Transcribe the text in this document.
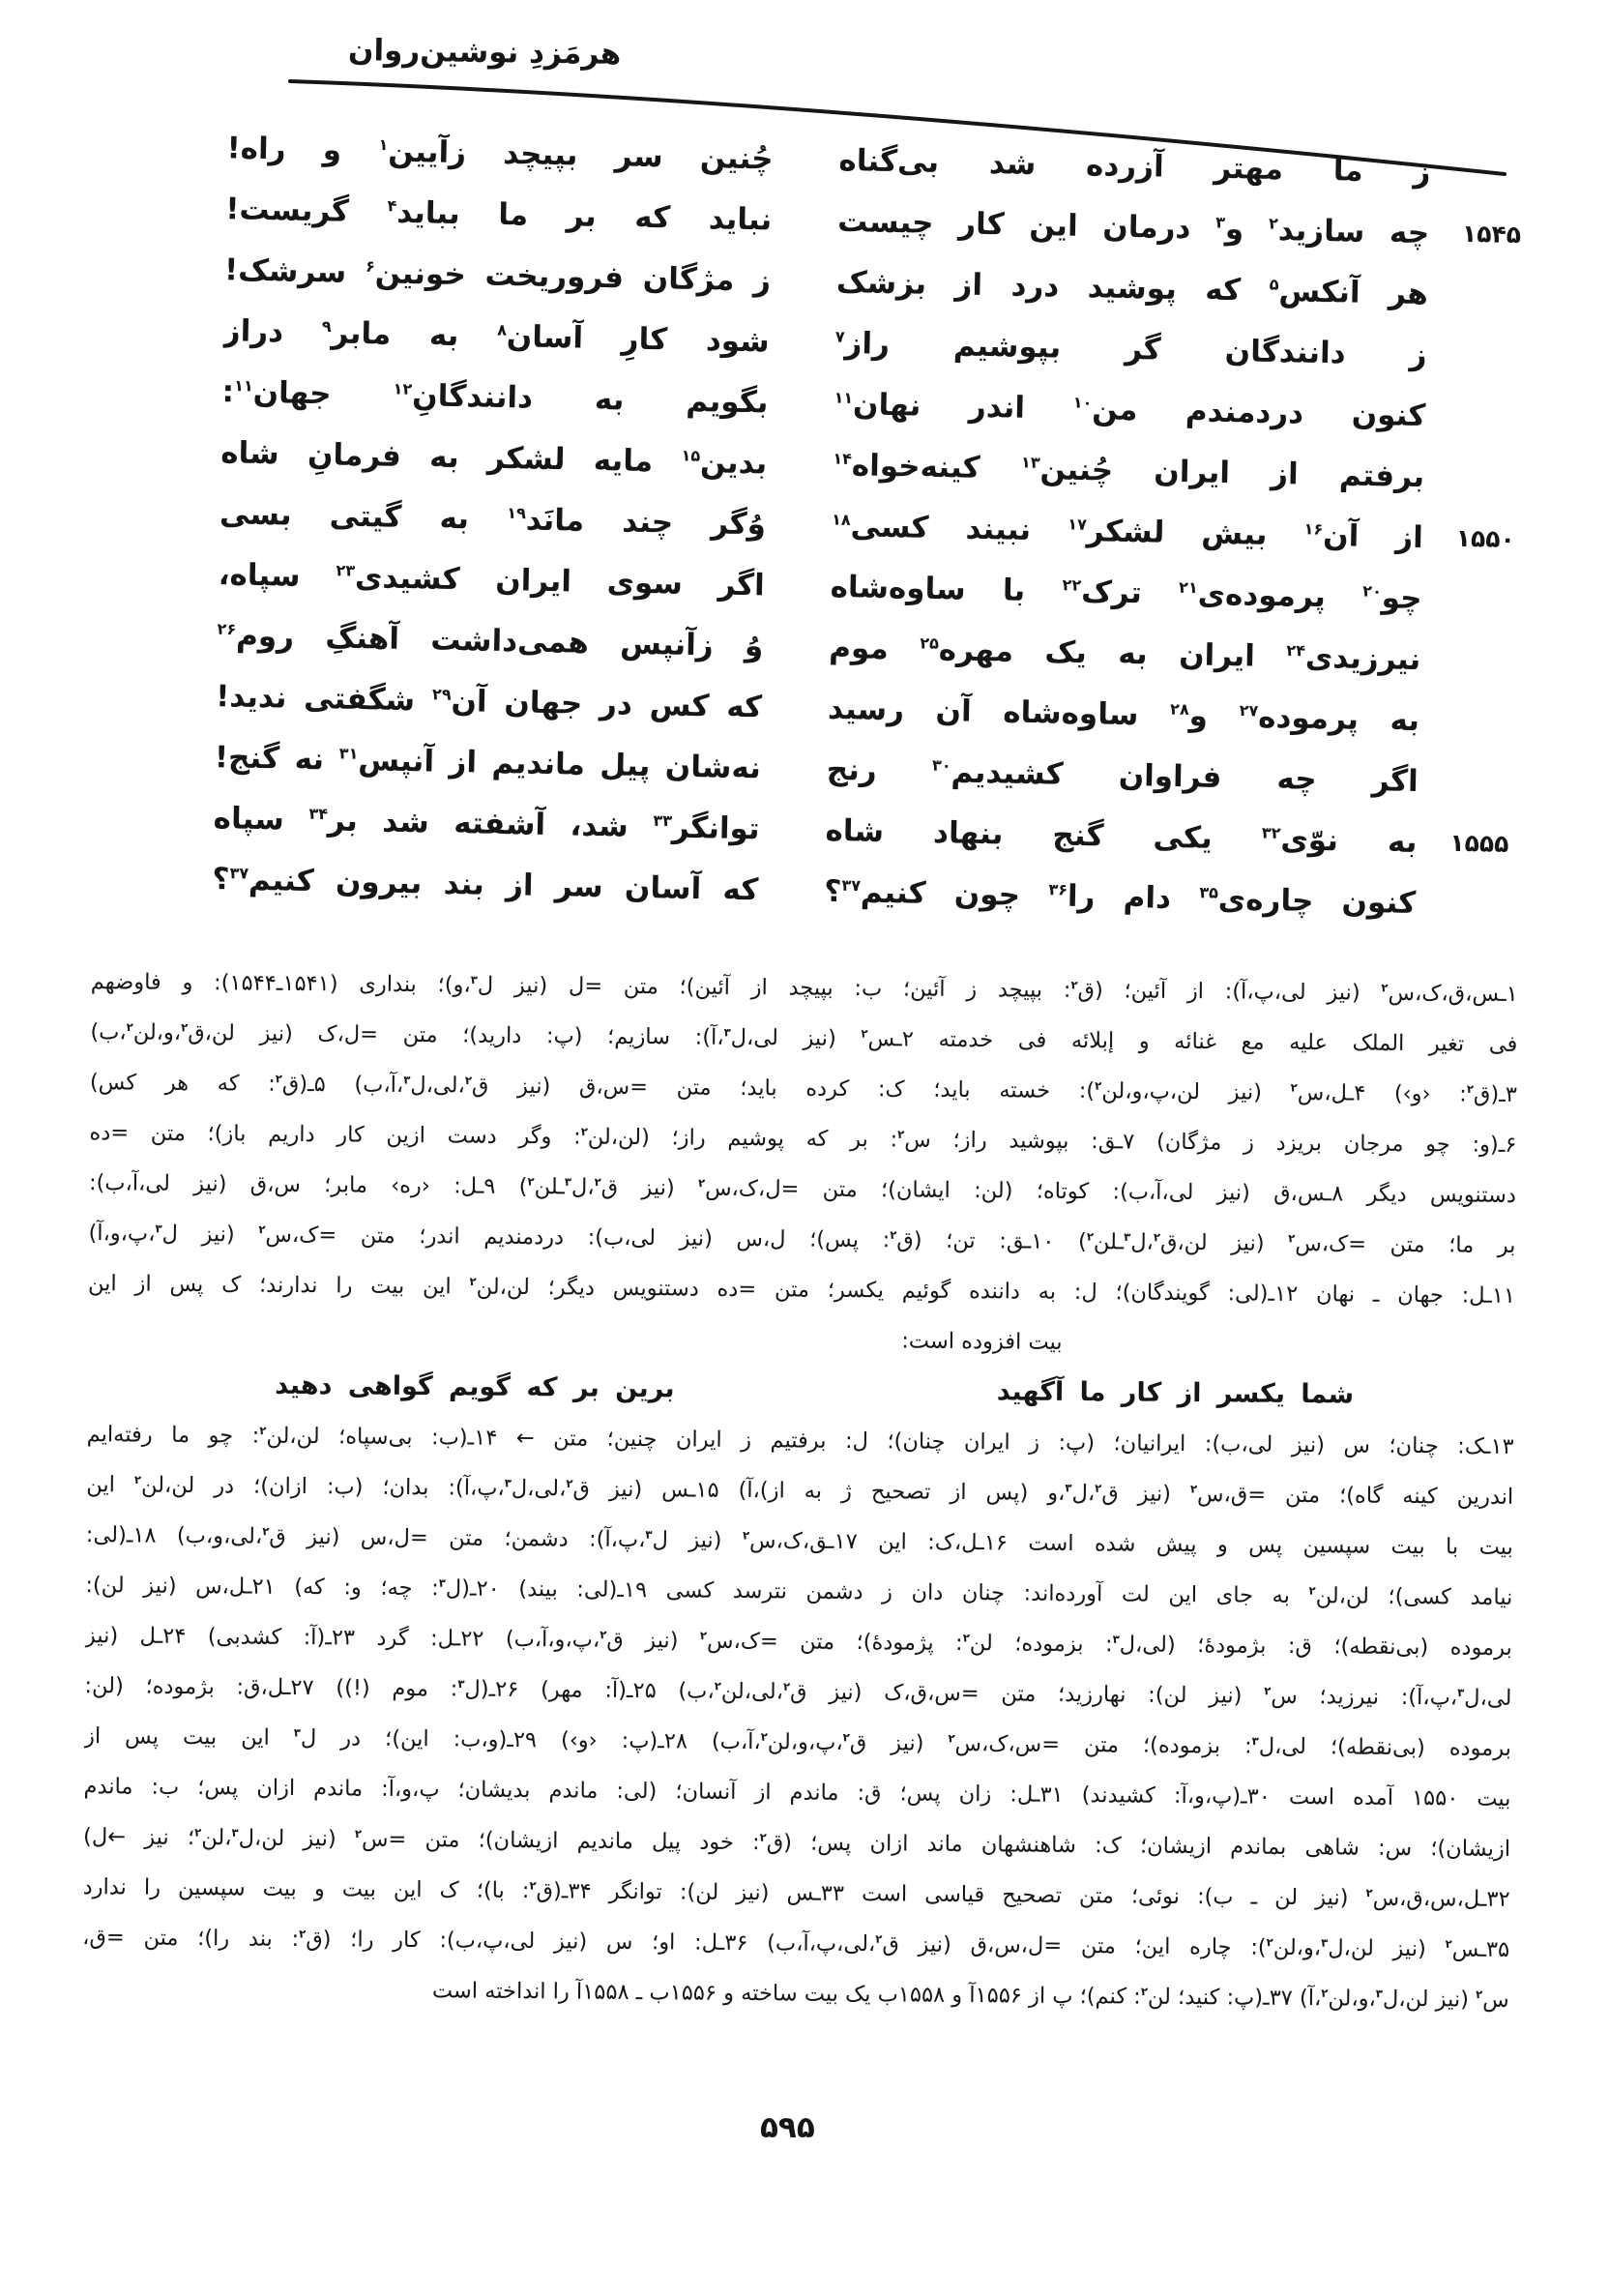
هرمَزدِ نوشین‌روان
ز ما مهتر آزرده شد بی‌گناه
چُنین سر بپیچد زآیین$^۱$ و راه!
۱۵۴۵
چه سازید$^۲$ و$^۳$ درمان این کار چیست
نباید که بر ما بباید$^۴$ گریست!
هر آنکس$^۵$ که پوشید درد از بزشک
ز مژگان فروریخت خونین$^۶$ سرشک!
ز دانندگان گر بپوشیم راز$^۷$
شود کارِ آسان$^۸$ به مابر$^۹$ دراز
کنون دردمندم من$^{۱۰}$ اندر نهان$^{۱۱}$
بگویم به دانندگانِ$^{۱۲}$ جهان$^{۱۱}$:
برفتم از ایران چُنین$^{۱۳}$ کینه‌خواه$^{۱۴}$
بدین$^{۱۵}$ مایه لشکر به فرمانِ شاه
۱۵۵۰
از آن$^{۱۶}$ بیش لشکر$^{۱۷}$ نبیند کسی$^{۱۸}$
وُگر چند مانَد$^{۱۹}$ به گیتی بسی
چو$^{۲۰}$ پرموده‌ی$^{۲۱}$ ترک$^{۲۲}$ با ساوه‌شاه
اگر سوی ایران کشیدی$^{۲۳}$ سپاه،
نیرزیدی$^{۲۴}$ ایران به یک مهره$^{۲۵}$ موم
وُ زآنپس همی‌داشت آهنگِ روم$^{۲۶}$
به پرموده$^{۲۷}$ و$^{۲۸}$ ساوه‌شاه آن رسید
که کس در جهان آن$^{۲۹}$ شگفتی ندید!
اگر چه فراوان کشیدیم$^{۳۰}$ رنج
نه‌شان پیل ماندیم از آنپس$^{۳۱}$ نه گنج!
۱۵۵۵
به نوّی$^{۳۲}$ یکی گنج بنهاد شاه
توانگر$^{۳۳}$ شد، آشفته شد بر$^{۳۴}$ سپاه
کنون چاره‌ی$^{۳۵}$ دام را$^{۳۶}$ چون کنیم$^{۳۷}$؟
که آسان سر از بند بیرون کنیم$^{۳۷}$؟
۱ـس،ق،ک،س$^۲$ (نیز لی،پ،آ): از آئین؛ (ق$^۲$: بپیچد ز آئین؛ ب: بپیچد از آئین)؛ متن =ل (نیز ل$^۳$،و)؛ بنداری (۱۵۴۱ـ۱۵۴۴): و فاوضهم
فی تغیر الملک علیه مع غنائه و إبلائه فی خدمته ۲ـس$^۲$ (نیز لی،ل$^۳$،آ): سازیم؛ (پ: دارید)؛ متن =ل،ک (نیز لن،ق$^۲$،و،لن$^۲$،ب)
۳ـ(ق$^۲$: ‹و›) ۴ـل،س$^۲$ (نیز لن،پ،و،لن$^۲$): خسته باید؛ ک: کرده باید؛ متن =س،ق (نیز ق$^۲$،لی،ل$^۳$،آ،ب) ۵ـ(ق$^۲$: که هر کس)
۶ـ(و: چو مرجان بریزد ز مژگان) ۷ـق: بپوشید راز؛ س$^۲$: بر که پوشیم راز؛ (لن،لن$^۲$: وگر دست ازین کار داریم باز)؛ متن =ده
دستنویس دیگر ۸ـس،ق (نیز لی،آ،ب): کوتاه؛ (لن: ایشان)؛ متن =ل،ک،س$^۲$ (نیز ق$^۲$،ل$^۳$ـلن$^۲$) ۹ـل: ‹ره› مابر؛ س،ق (نیز لی،آ،ب):
بر ما؛ متن =ک،س$^۲$ (نیز لن،ق$^۲$،ل$^۳$ـلن$^۲$) ۱۰ـق: تن؛ (ق$^۲$: پس)؛ ل،س (نیز لی،ب): دردمندیم اندر؛ متن =ک،س$^۲$ (نیز ل$^۳$،پ،و،آ)
۱۱ـل: جهان ـ نهان ۱۲ـ(لی: گویندگان)؛ ل: به داننده گوئیم یکسر؛ متن =ده دستنویس دیگر؛ لن،لن$^۲$ این بیت را ندارند؛ ک پس از این
بیت افزوده است:
شما یکسر از کار ما آگهید
برین بر که گویم گواهی دهید
۱۳ـک: چنان؛ س (نیز لی،ب): ایرانیان؛ (پ: ز ایران چنان)؛ ل: برفتیم ز ایران چنین؛ متن ← ۱۴ـ(ب: بی‌سپاه؛ لن،لن$^۲$: چو ما رفته‌ایم
اندرین کینه گاه)؛ متن =ق،س$^۲$ (نیز ق$^۲$،ل$^۳$،و (پس از تصحیح ژ به از)،آ) ۱۵ـس (نیز ق$^۲$،لی،ل$^۳$،پ،آ): بدان؛ (ب: ازان)؛ در لن،لن$^۲$ این
بیت با بیت سپسین پس و پیش شده است ۱۶ـل،ک: این ۱۷ـق،ک،س$^۲$ (نیز ل$^۳$،پ،آ): دشمن؛ متن =ل،س (نیز ق$^۲$،لی،و،ب) ۱۸ـ(لی:
نیامد کسی)؛ لن،لن$^۲$ به جای این لت آورده‌اند: چنان دان ز دشمن نترسد کسی ۱۹ـ(لی: بیند) ۲۰ـ(ل$^۳$: چه؛ و: که) ۲۱ـل،س (نیز لن):
برموده (بی‌نقطه)؛ ق: بژمودهٔ؛ (لی،ل$^۳$: بزموده؛ لن$^۲$: پژمودهٔ)؛ متن =ک،س$^۲$ (نیز ق$^۲$،پ،و،آ،ب) ۲۲ـل: گرد ۲۳ـ(آ: کشدبی) ۲۴ـل (نیز
لی،ل$^۳$،پ،آ): نیرزید؛ س$^۲$ (نیز لن): نهارزید؛ متن =س،ق،ک (نیز ق$^۲$،لی،لن$^۲$،ب) ۲۵ـ(آ: مهر) ۲۶ـ(ل$^۳$: موم (!)) ۲۷ـل،ق: بژموده؛ (لن:
برموده (بی‌نقطه)؛ لی،ل$^۳$: بزموده)؛ متن =س،ک،س$^۲$ (نیز ق$^۲$،پ،و،لن$^۲$،آ،ب) ۲۸ـ(پ: ‹و›) ۲۹ـ(و،ب: این)؛ در ل$^۳$ این بیت پس از
بیت ۱۵۵۰ آمده است ۳۰ـ(پ،و،آ: کشیدند) ۳۱ـل: زان پس؛ ق: ماندم از آنسان؛ (لی: ماندم بدیشان؛ پ،و،آ: ماندم ازان پس؛ ب: ماندم
ازیشان)؛ س: شاهی بماندم ازیشان؛ ک: شاهنشهان ماند ازان پس؛ (ق$^۲$: خود پیل ماندیم ازیشان)؛ متن =س$^۲$ (نیز لن،ل$^۳$،لن$^۲$؛ نیز ←ل)
۳۲ـل،س،ق،س$^۲$ (نیز لن ـ ب): نوئی؛ متن تصحیح قیاسی است ۳۳ـس (نیز لن): توانگر ۳۴ـ(ق$^۲$: با)؛ ک این بیت و بیت سپسین را ندارد
۳۵ـس$^۲$ (نیز لن،ل$^۳$،و،لن$^۲$): چاره این؛ متن =ل،س،ق (نیز ق$^۲$،لی،پ،آ،ب) ۳۶ـل: او؛ س (نیز لی،پ،ب): کار را؛ (ق$^۲$: بند را)؛ متن =ق،
س$^۲$ (نیز لن،ل$^۳$،و،لن$^۲$،آ) ۳۷ـ(پ: کنید؛ لن$^۲$: کنم)؛ پ از ۱۵۵۶آ و ۱۵۵۸ب یک بیت ساخته و ۱۵۵۶ب ـ ۱۵۵۸آ را انداخته است
۵۹۵
